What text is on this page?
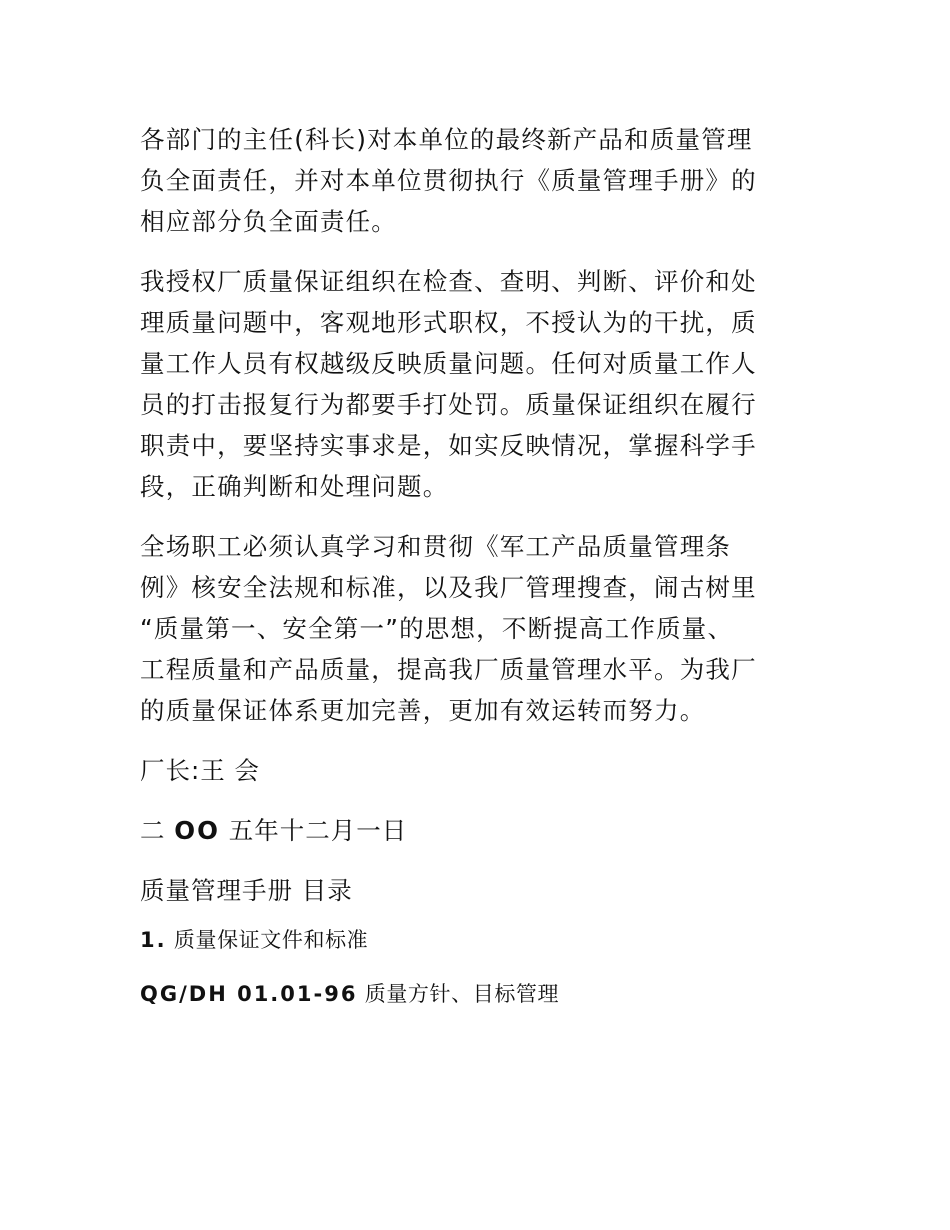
各部门的主任(科长)对本单位的最终新产品和质量管理
负全面责任，并对本单位贯彻执行《质量管理手册》的
相应部分负全面责任。
我授权厂质量保证组织在检查、查明、判断、评价和处
理质量问题中，客观地形式职权，不授认为的干扰，质
量工作人员有权越级反映质量问题。任何对质量工作人
员的打击报复行为都要手打处罚。质量保证组织在履行
职责中，要坚持实事求是，如实反映情况，掌握科学手
段，正确判断和处理问题。
全场职工必须认真学习和贯彻《军工产品质量管理条
例》核安全法规和标准，以及我厂管理搜查，闹古树里
“质量第一、安全第一”的思想，不断提高工作质量、
工程质量和产品质量，提高我厂质量管理水平。为我厂
的质量保证体系更加完善，更加有效运转而努力。
厂长:王 会
二 OO 五年十二月一日
质量管理手册 目录
1. 质量保证文件和标准
QG/DH 01.01-96 质量方针、目标管理
